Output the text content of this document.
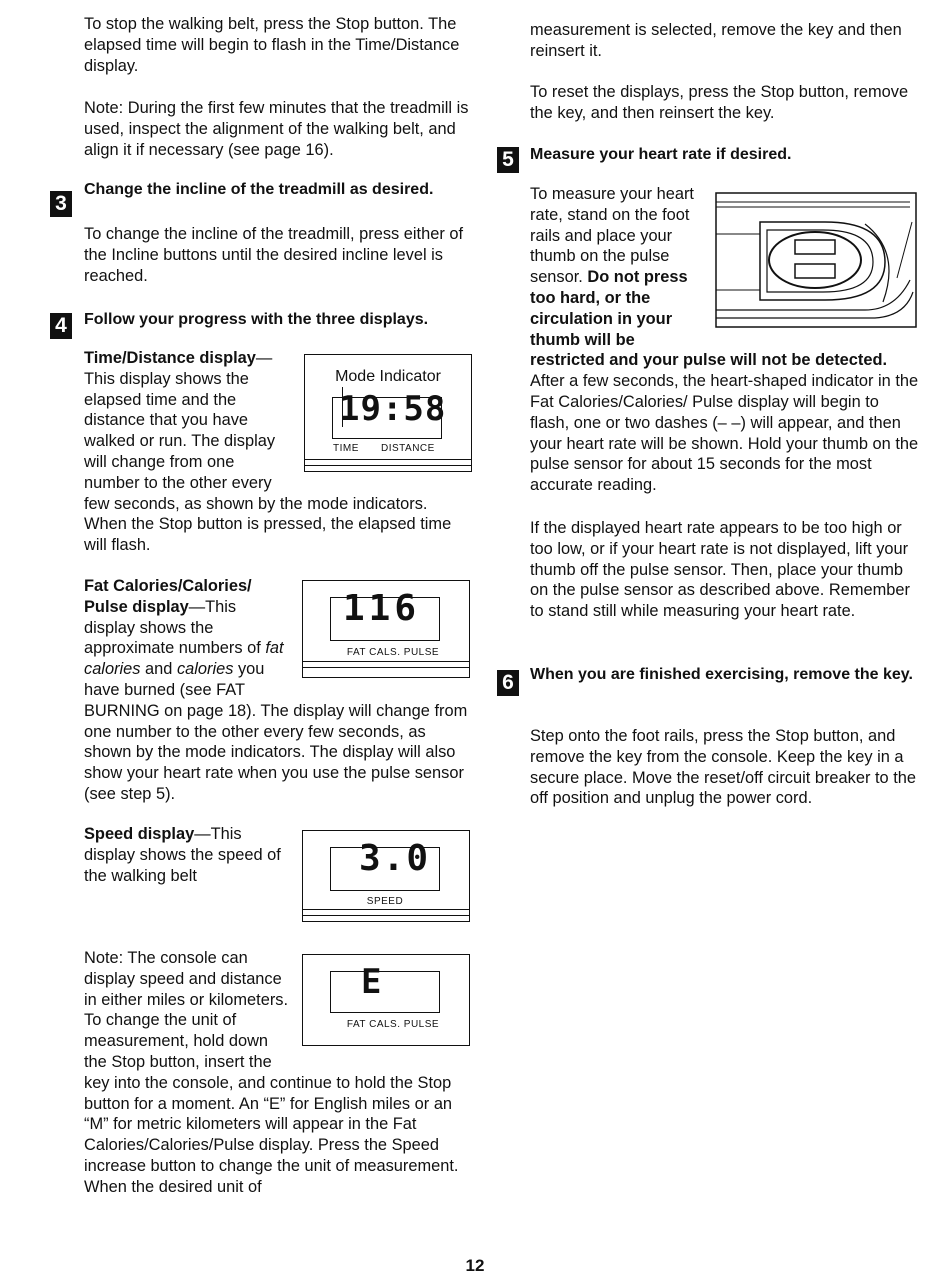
To stop the walking belt, press the Stop button. The elapsed time will begin to flash in the Time/Distance display.

Note: During the first few minutes that the treadmill is used, inspect the alignment of the walking belt, and align it if necessary (see page 16).

3
Change the incline of the treadmill as desired.

To change the incline of the treadmill, press either of the Incline buttons until the desired incline level is reached.

4	Follow your progress with the three displays.
Mode Indicator
19:58
TIME DISTANCE

Time/Distance display—This display shows the elapsed time and the distance that you have walked or run. The display will change from one number to the other every few seconds, as shown by the mode indicators. When the Stop button is pressed, the elapsed time will flash.

116
FAT CALS. PULSE

Fat Calories/Calories/ Pulse display—This display shows the approximate numbers of fat calories and calories you have burned (see FAT BURNING on page 18). The display will change from one number to the other every few seconds, as shown by the mode indicators. The display will also show your heart rate when you use the pulse sensor (see step 5).

3.0
SPEED

Speed display—This display shows the speed of the walking belt

E
FAT CALS. PULSE

Note: The console can display speed and distance in either miles or kilometers. To change the unit of measurement, hold down the Stop button, insert the key into the console, and continue to hold the Stop button for a moment. An “E” for English miles or an “M” for metric kilometers will appear in the Fat Calories/Calories/Pulse display. Press the Speed increase button to change the unit of measurement. When the desired unit of

measurement is selected, remove the key and then reinsert it.

To reset the displays, press the Stop button, remove the key, and then reinsert the key.

5	Measure your heart rate if desired.

To measure your heart rate, stand on the foot rails and place your thumb on the pulse sensor. Do not press too hard, or the circulation in your thumb will be restricted and your pulse will not be detected. After a few seconds, the heart-shaped indicator in the Fat Calories/Calories/ Pulse display will begin to flash, one or two dashes (– –) will appear, and then your heart rate will be shown. Hold your thumb on the pulse sensor for about 15 seconds for the most accurate reading.

If the displayed heart rate appears to be too high or too low, or if your heart rate is not displayed, lift your thumb off the pulse sensor. Then, place your thumb on the pulse sensor as described above. Remember to stand still while measuring your heart rate.

6	When you are finished exercising, remove the key.

Step onto the foot rails, press the Stop button, and remove the key from the console. Keep the key in a secure place. Move the reset/off circuit breaker to the off position and unplug the power cord.

12
